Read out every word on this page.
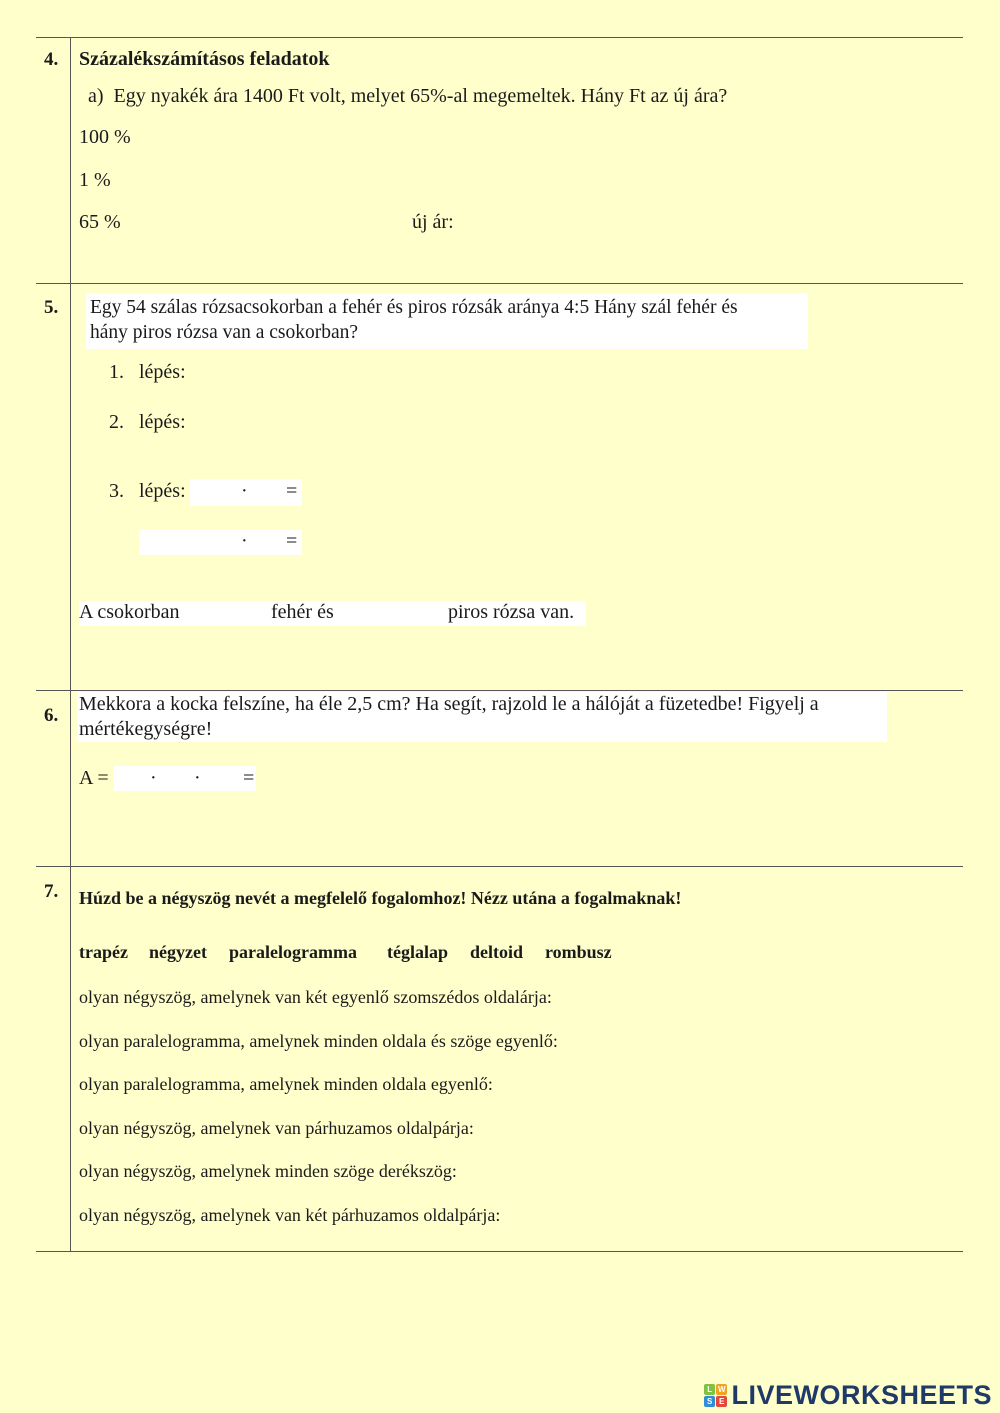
4. Százalékszámításos feladatok
a)  Egy nyakék ára 1400 Ft volt, melyet 65%-al megemeltek. Hány Ft az új ára?
100 %
1 %
65 %	új ár:
5. Egy 54 szálas rózsacsokorban a fehér és piros rózsák aránya 4:5 Hány szál fehér és
hány piros rózsa van a csokorban?
1.   lépés:
2.   lépés:
3.   lépés:	· =
· =
A csokorban	fehér és	piros rózsa van.
6.
Mekkora a kocka felszíne, ha éle 2,5 cm? Ha segít, rajzold le a hálóját a füzetedbe! Figyelj a
mértékegységre!
A = · · =
7. Húzd be a négyszög nevét a megfelelő fogalomhoz! Nézz utána a fogalmaknak!
trapéz négyzet paralelogramma téglalap deltoid rombusz
olyan négyszög, amelynek van két egyenlő szomszédos oldalárja:
olyan paralelogramma, amelynek minden oldala és szöge egyenlő:
olyan paralelogramma, amelynek minden oldala egyenlő:
olyan négyszög, amelynek van párhuzamos oldalpárja:
olyan négyszög, amelynek minden szöge derékszög:
olyan négyszög, amelynek van két párhuzamos oldalpárja:
L W
S E LIVEWORKSHEETS
